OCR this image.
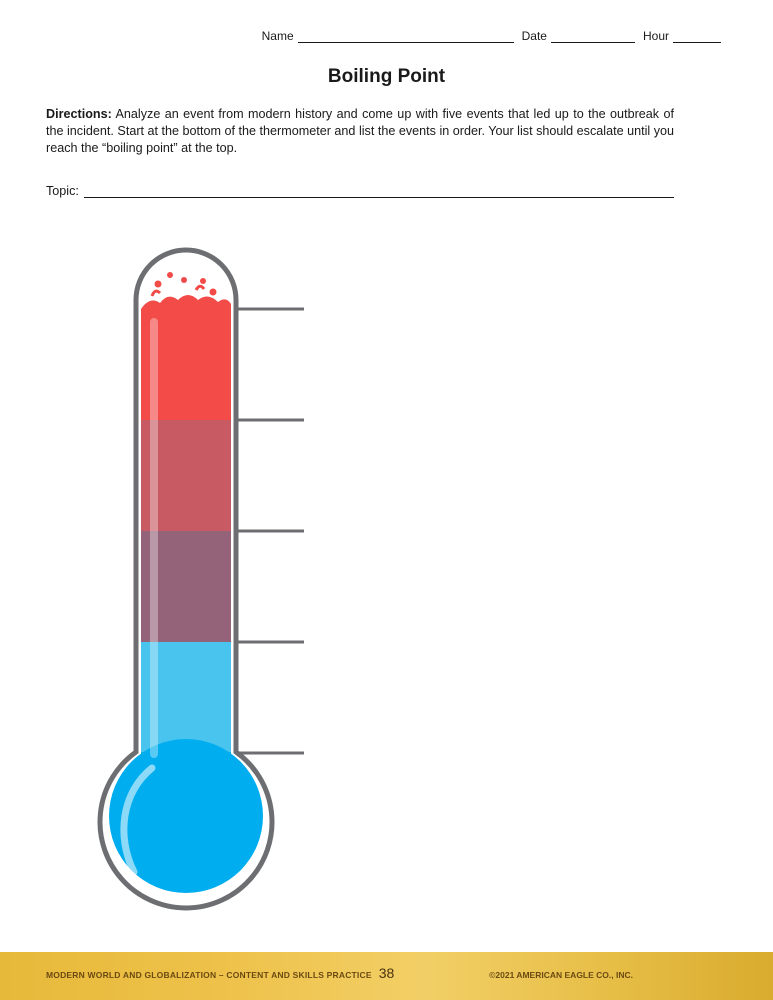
Name	Date	Hour
Boiling Point
Directions: Analyze an event from modern history and come up with five events that led up to the outbreak of the incident. Start at the bottom of the thermometer and list the events in order. Your list should escalate until you reach the “boiling point” at the top.
Topic:
MODERN WORLD AND GLOBALIZATION – CONTENT AND SKILLS PRACTICE 38	©2021 AMERICAN EAGLE CO., INC.
